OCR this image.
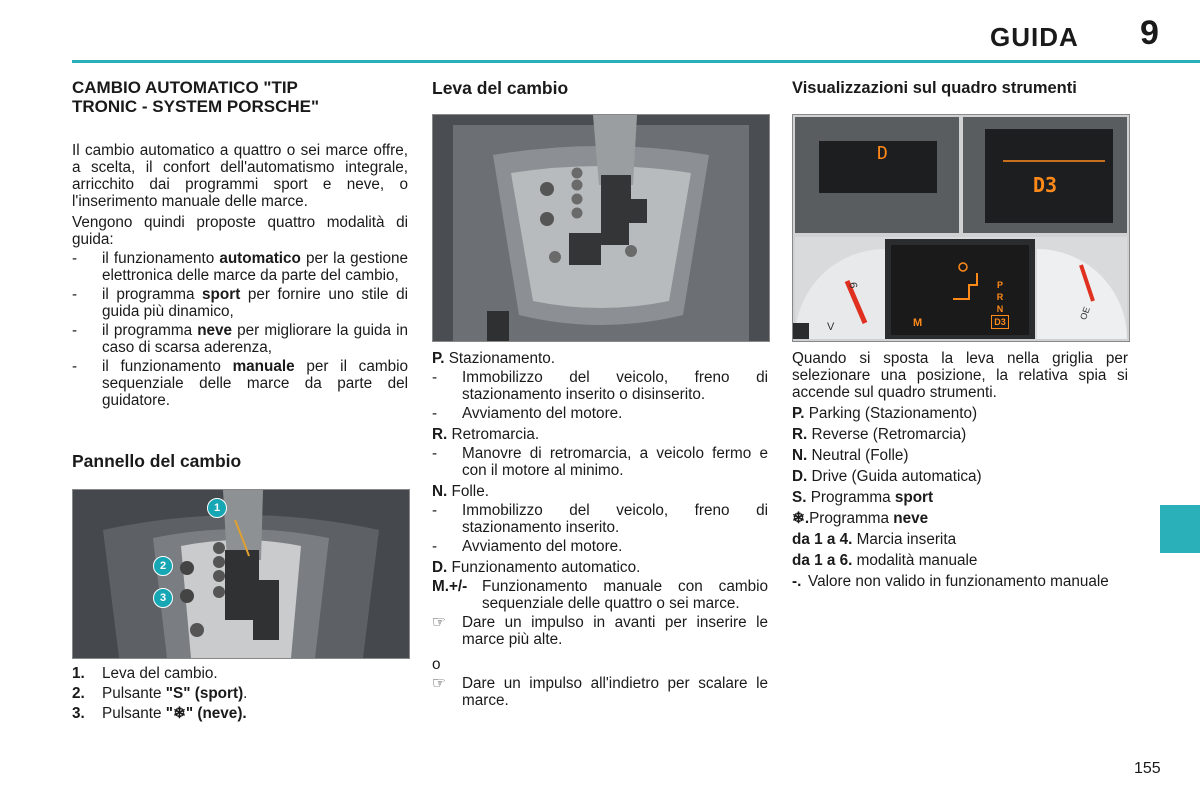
GUIDA 9
155
CAMBIO AUTOMATICO "TIP
TRONIC - SYSTEM PORSCHE"

Il cambio automatico a quattro o sei marce offre, a scelta, il confort dell'automatismo integrale, arricchito dai programmi sport e neve, o l'inserimento manuale delle marce.

Vengono quindi proposte quattro modalità di guida:

-	il funzionamento automatico per la gestione elettronica delle marce da parte del cambio,
-	il programma sport per fornire uno stile di guida più dinamico,
-	il programma neve per migliorare la guida in caso di scarsa aderenza,
-	il funzionamento manuale per il cambio sequenziale delle marce da parte del guidatore.
Pannello del cambio
1
2
3
1.	Leva del cambio.
2.	Pulsante "S" (sport).
3.	Pulsante "❄" (neve).
Leva del cambio
P. Stazionamento.
-	Immobilizzo del veicolo, freno di stazionamento inserito o disinserito.
-	Avviamento del motore.
R. Retromarcia.
-	Manovre di retromarcia, a veicolo fermo e con il motore al minimo.
N. Folle.
-	Immobilizzo del veicolo, freno di stazionamento inserito.
-	Avviamento del motore.
D. Funzionamento automatico.
M.+/- Funzionamento manuale con cambio sequenziale delle quattro o sei marce.
☞	Dare un impulso in avanti per inserire le marce più alte.
o
☞	Dare un impulso all'indietro per scalare le marce.
Visualizzazioni sul quadro strumenti
D
D3
P
R
N
D3
M
6
V
OE

Quando si sposta la leva nella griglia per selezionare una posizione, la relativa spia si accende sul quadro strumenti.

P. Parking (Stazionamento)
R. Reverse (Retromarcia)
N. Neutral (Folle)
D. Drive (Guida automatica)
S. Programma sport
❄.Programma neve
da 1 a 4. Marcia inserita
da 1 a 6. modalità manuale
-. Valore non valido in funzionamento manuale
